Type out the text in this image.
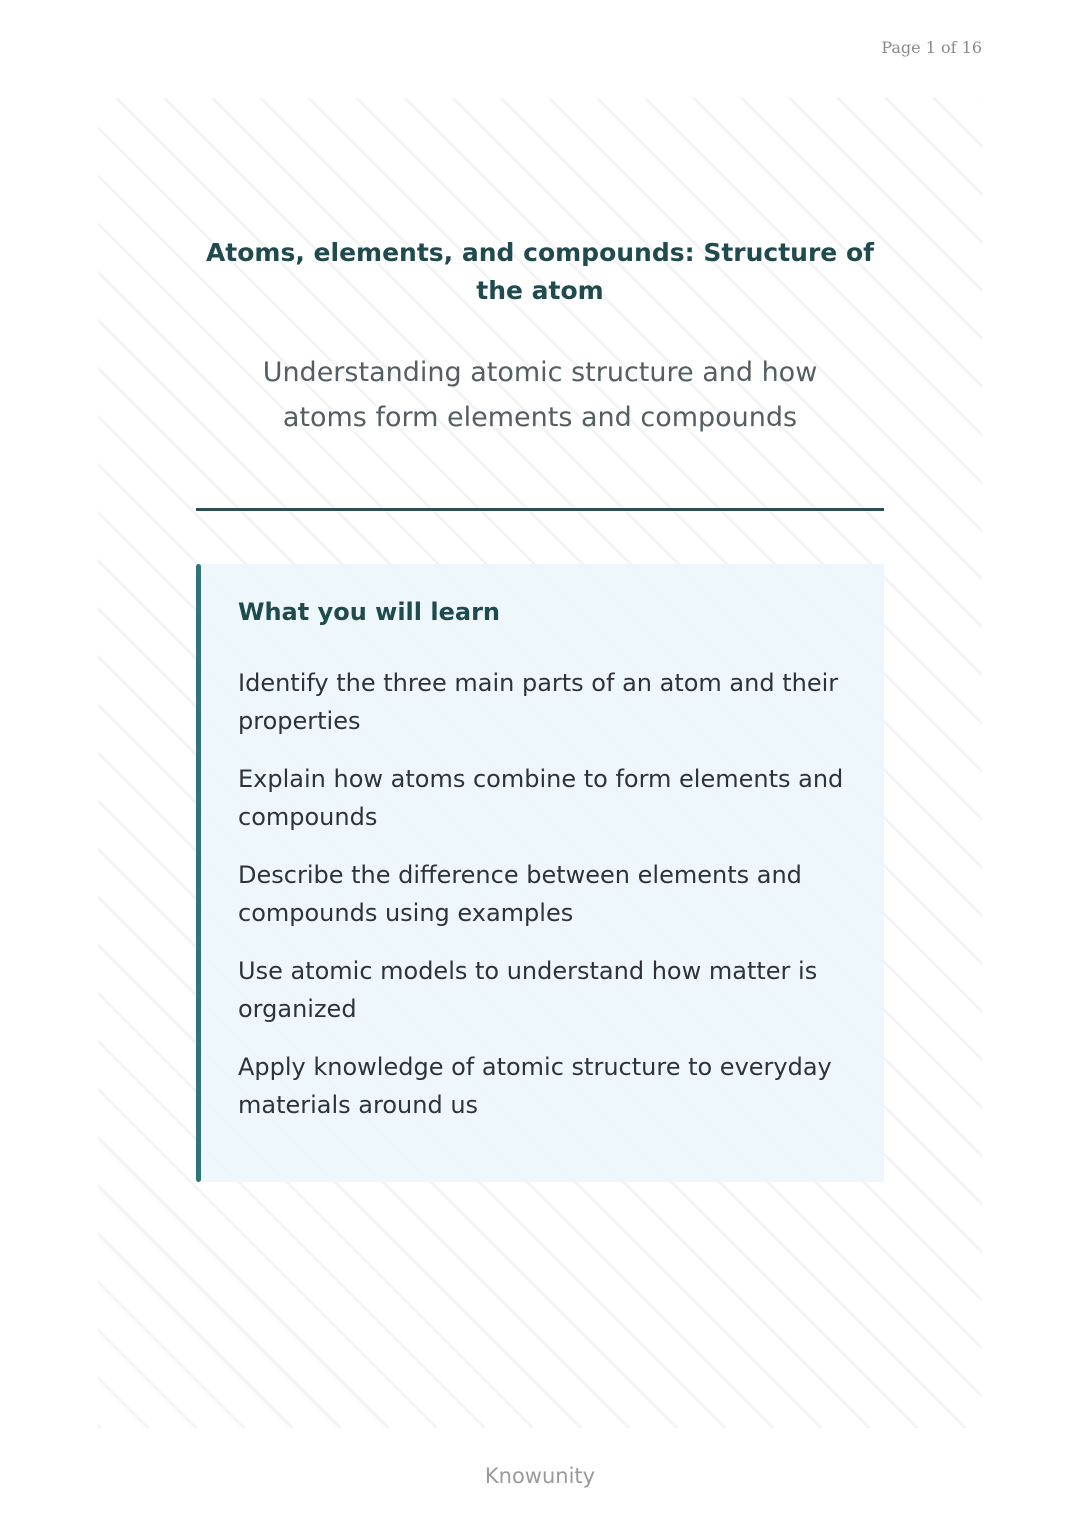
Page 1 of 16
Atoms, elements, and compounds: Structure of the atom

Understanding atomic structure and how atoms form elements and compounds

What you will learn
Identify the three main parts of an atom and their properties
Explain how atoms combine to form elements and compounds
Describe the difference between elements and compounds using examples
Use atomic models to understand how matter is organized
Apply knowledge of atomic structure to everyday materials around us
Knowunity
